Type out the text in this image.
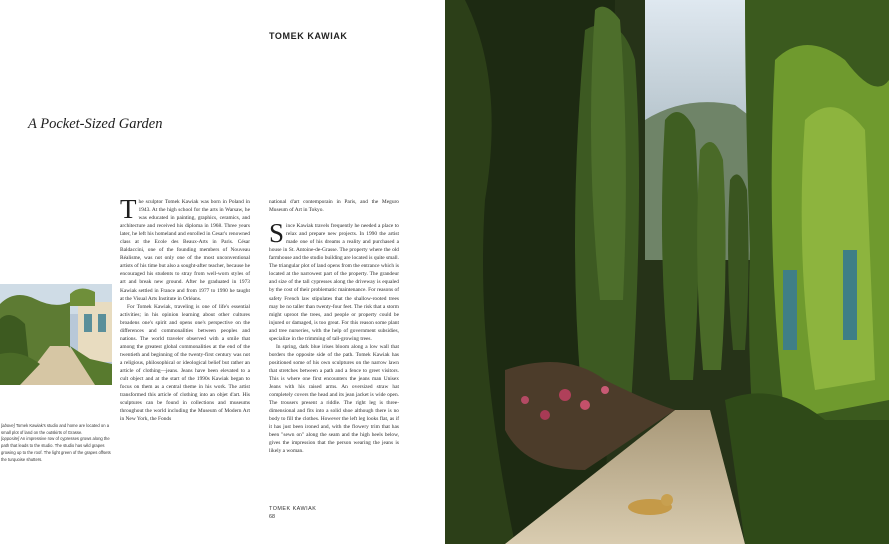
TOMEK KAWIAK
A Pocket-Sized Garden
[above] Tomek Kawiak's studio and home are located on a small plot of land on the outskirts of Grasse.
[opposite] An impressive row of cypresses grows along the path that leads to the studio. The studio has wild grapes growing up to the roof. The light green of the grapes offsets the turquoise shutters.

The sculptor Tomek Kawiak was born in Poland in 1943. At the high school for the arts in Warsaw, he was educated in painting, graphics, ceramics, and architecture and received his diploma in 1968. Three years later, he left his homeland and enrolled in Cesar's renowned class at the Ecole des Beaux-Arts in Paris. César Baldaccini, one of the founding members of Nouveau Réalisme, was not only one of the most unconventional artists of his time but also a sought-after teacher, because he encouraged his students to stray from well-worn styles of art and break new ground. After he graduated in 1973 Kawiak settled in France and from 1977 to 1990 he taught at the Visual Arts Institute in Orléans.

For Tomek Kawiak, traveling is one of life's essential activities; in his opinion learning about other cultures broadens one's spirit and opens one's perspective on the differences and commonalities between peoples and nations. The world traveler observed with a smile that among the greatest global commonalities at the end of the twentieth and beginning of the twenty-first century was not a religious, philosophical or ideological belief but rather an article of clothing—jeans. Jeans have been elevated to a cult object and at the start of the 1990s Kawiak began to focus on them as a central theme in his work. The artist transformed this article of clothing into an objet d'art. His sculptures can be found in collections and museums throughout the world including the Museum of Modern Art in New York, the Fonds

national d'art contemporain in Paris, and the Meguro Museum of Art in Tokyo.

Since Kawiak travels frequently he needed a place to relax and prepare new projects. In 1990 the artist made one of his dreams a reality and purchased a house in St. Antoine-de-Grasse. The property where the old farmhouse and the studio building are located is quite small. The triangular plot of land opens from the entrance which is located at the narrowest part of the property. The grandeur and size of the tall cypresses along the driveway is equaled by the cost of their problematic maintenance. For reasons of safety French law stipulates that the shallow-rooted trees may be no taller than twenty-four feet. The risk that a storm might uproot the trees, and people or property could be injured or damaged, is too great. For this reason some plant and tree nurseries, with the help of government subsidies, specialize in the trimming of tall-growing trees.

In spring, dark blue irises bloom along a low wall that borders the opposite side of the path. Tomek Kawiak has positioned some of his own sculptures on the narrow lawn that stretches between a path and a fence to greet visitors. This is where one first encounters the jeans man Unisex Jeans with his raised arms. An oversized straw hat completely covers the head and its jean jacket is wide open. The trousers present a riddle. The right leg is three-dimensional and fits into a solid shoe although there is no body to fill the clothes. However the left leg looks flat, as if it has just been ironed and, with the flowery trim that has been "sewn on" along the seam and the high heels below, gives the impression that the person wearing the jeans is likely a woman.

TOMEK KAWIAK
68
